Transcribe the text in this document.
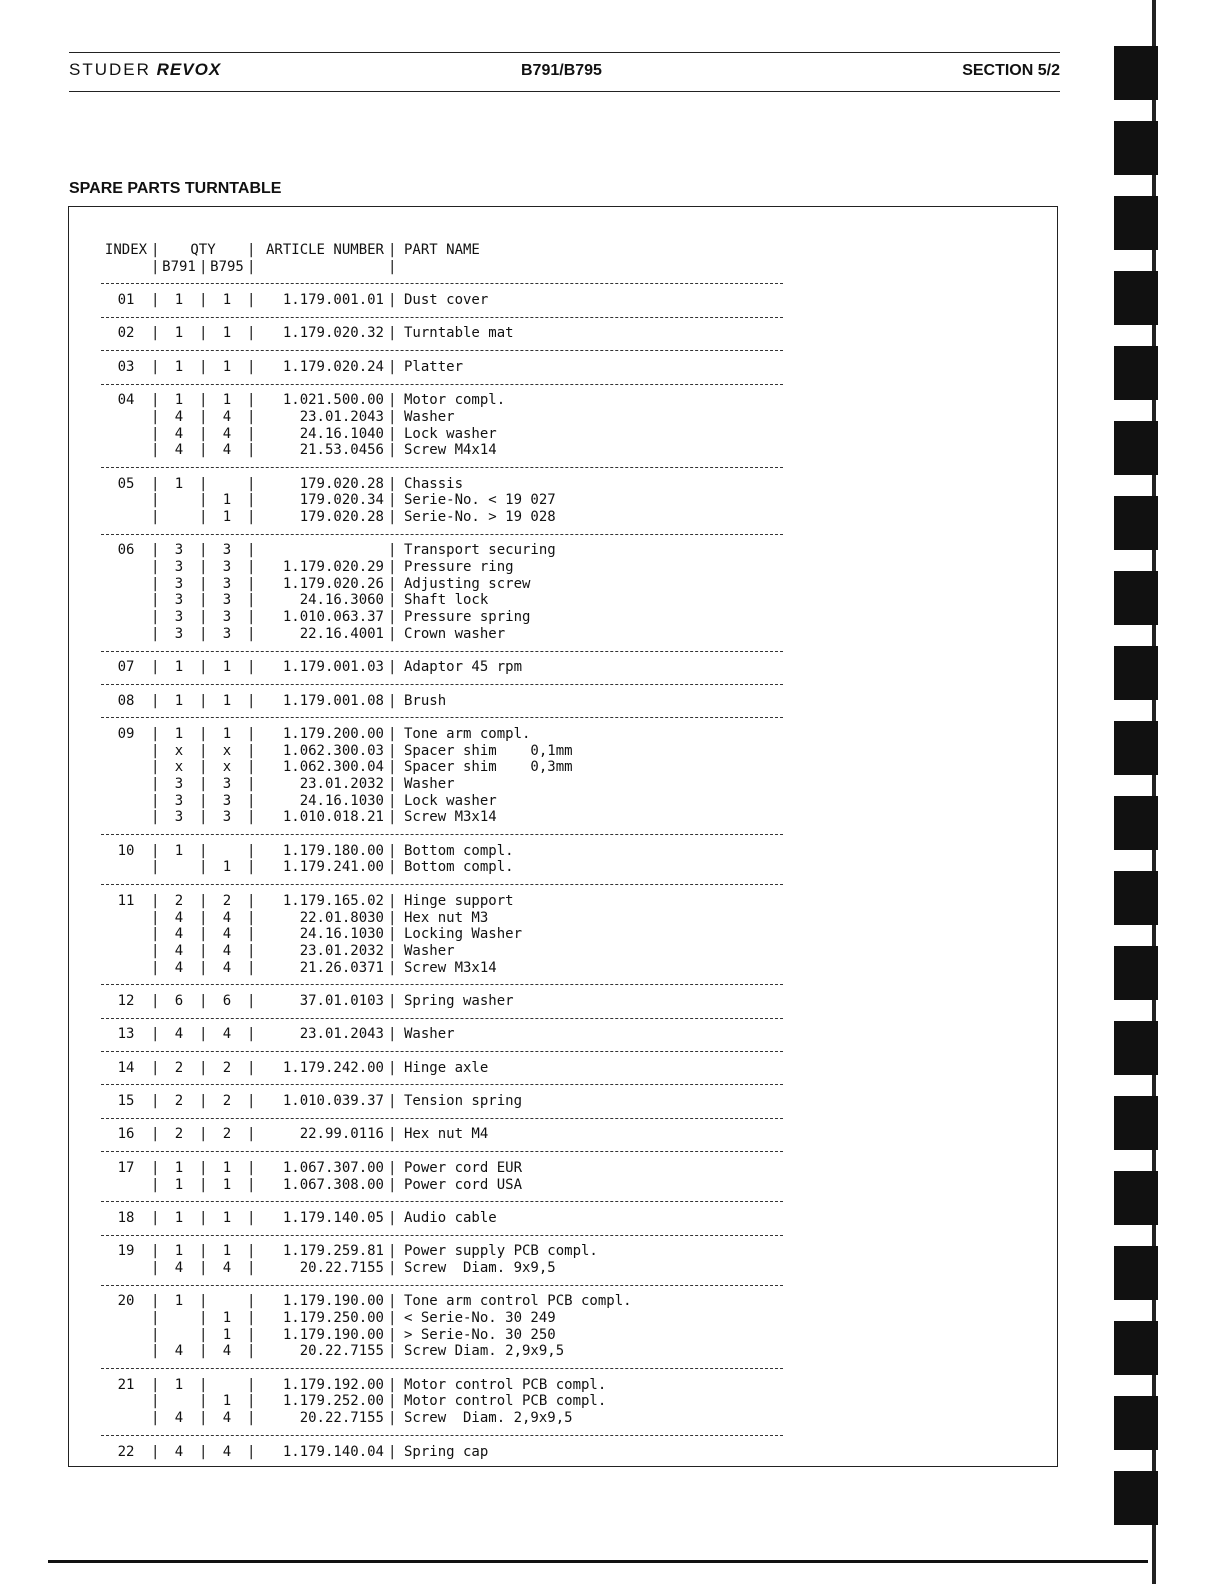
STUDER REVOX	B791/B795	SECTION 5/2
SPARE PARTS TURNTABLE
INDEX |	QTY	| ARTICLE NUMBER | PART NAME
| B791 | B795 |	|
01	|	1	|	1	|	1.179.001.01 | Dust cover
02	|	1	|	1	|	1.179.020.32 | Turntable mat
03	|	1	|	1	|	1.179.020.24 | Platter
04	|	1	|	1	|	1.021.500.00 | Motor compl.
|	4	|	4	|	23.01.2043 | Washer
|	4	|	4	|	24.16.1040 | Lock washer
|	4	|	4	|	21.53.0456 | Screw M4x14
05	|	1	|	|	179.020.28 | Chassis
|	|	1	|	179.020.34 | Serie-No. < 19 027
|	|	1	|	179.020.28 | Serie-No. > 19 028
06	|	3	|	3	|	| Transport securing
|	3	|	3	|	1.179.020.29 | Pressure ring
|	3	|	3	|	1.179.020.26 | Adjusting screw
|	3	|	3	|	24.16.3060 | Shaft lock
|	3	|	3	|	1.010.063.37 | Pressure spring
|	3	|	3	|	22.16.4001 | Crown washer
07	|	1	|	1	|	1.179.001.03 | Adaptor 45 rpm
08	|	1	|	1	|	1.179.001.08 | Brush
09	|	1	|	1	|	1.179.200.00 | Tone arm compl.
|	x	|	x	|	1.062.300.03 | Spacer shim    0,1mm
|	x	|	x	|	1.062.300.04 | Spacer shim    0,3mm
|	3	|	3	|	23.01.2032 | Washer
|	3	|	3	|	24.16.1030 | Lock washer
|	3	|	3	|	1.010.018.21 | Screw M3x14
10	|	1	|	|	1.179.180.00 | Bottom compl.
|	|	1	|	1.179.241.00 | Bottom compl.
11	|	2	|	2	|	1.179.165.02 | Hinge support
|	4	|	4	|	22.01.8030 | Hex nut M3
|	4	|	4	|	24.16.1030 | Locking Washer
|	4	|	4	|	23.01.2032 | Washer
|	4	|	4	|	21.26.0371 | Screw M3x14
12	|	6	|	6	|	37.01.0103 | Spring washer
13	|	4	|	4	|	23.01.2043 | Washer
14	|	2	|	2	|	1.179.242.00 | Hinge axle
15	|	2	|	2	|	1.010.039.37 | Tension spring
16	|	2	|	2	|	22.99.0116 | Hex nut M4
17	|	1	|	1	|	1.067.307.00 | Power cord EUR
|	1	|	1	|	1.067.308.00 | Power cord USA
18	|	1	|	1	|	1.179.140.05 | Audio cable
19	|	1	|	1	|	1.179.259.81 | Power supply PCB compl.
|	4	|	4	|	20.22.7155 | Screw  Diam. 9x9,5
20	|	1	|	|	1.179.190.00 | Tone arm control PCB compl.
|	|	1	|	1.179.250.00 | < Serie-No. 30 249
|	|	1	|	1.179.190.00 | > Serie-No. 30 250
|	4	|	4	|	20.22.7155 | Screw Diam. 2,9x9,5
21	|	1	|	|	1.179.192.00 | Motor control PCB compl.
|	|	1	|	1.179.252.00 | Motor control PCB compl.
|	4	|	4	|	20.22.7155 | Screw  Diam. 2,9x9,5
22	|	4	|	4	|	1.179.140.04 | Spring cap
